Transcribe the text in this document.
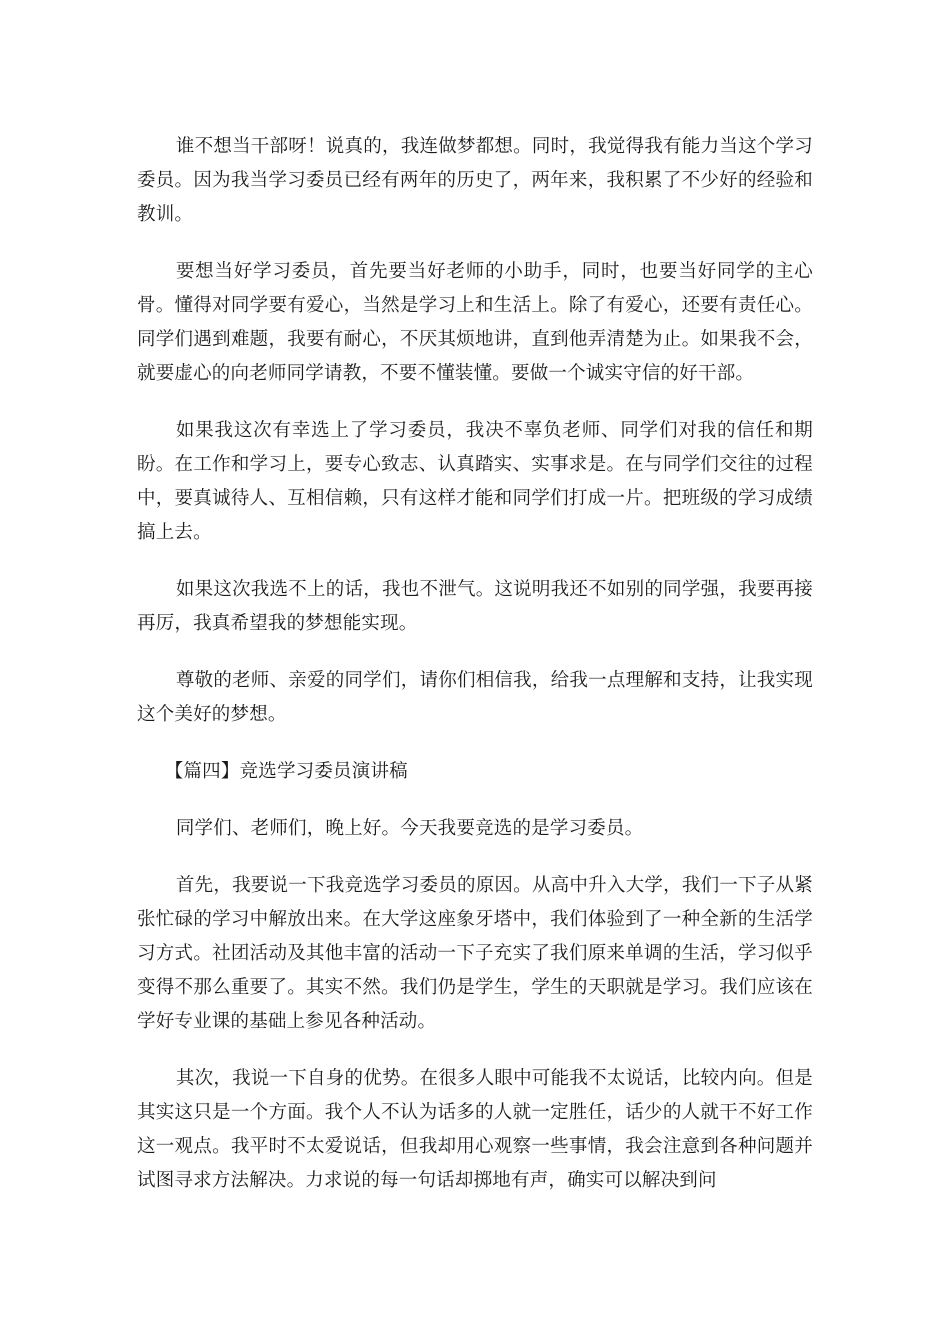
谁不想当干部呀！说真的，我连做梦都想。同时，我觉得我有能力当这个学习委员。因为我当学习委员已经有两年的历史了，两年来，我积累了不少好的经验和教训。

要想当好学习委员，首先要当好老师的小助手，同时，也要当好同学的主心骨。懂得对同学要有爱心，当然是学习上和生活上。除了有爱心，还要有责任心。同学们遇到难题，我要有耐心，不厌其烦地讲，直到他弄清楚为止。如果我不会，就要虚心的向老师同学请教，不要不懂装懂。要做一个诚实守信的好干部。

如果我这次有幸选上了学习委员，我决不辜负老师、同学们对我的信任和期盼。在工作和学习上，要专心致志、认真踏实、实事求是。在与同学们交往的过程中，要真诚待人、互相信赖，只有这样才能和同学们打成一片。把班级的学习成绩搞上去。

如果这次我选不上的话，我也不泄气。这说明我还不如别的同学强，我要再接再厉，我真希望我的梦想能实现。

尊敬的老师、亲爱的同学们，请你们相信我，给我一点理解和支持，让我实现这个美好的梦想。

【篇四】竞选学习委员演讲稿

同学们、老师们，晚上好。今天我要竞选的是学习委员。

首先，我要说一下我竞选学习委员的原因。从高中升入大学，我们一下子从紧张忙碌的学习中解放出来。在大学这座象牙塔中，我们体验到了一种全新的生活学习方式。社团活动及其他丰富的活动一下子充实了我们原来单调的生活，学习似乎变得不那么重要了。其实不然。我们仍是学生，学生的天职就是学习。我们应该在学好专业课的基础上参见各种活动。

其次，我说一下自身的优势。在很多人眼中可能我不太说话，比较内向。但是其实这只是一个方面。我个人不认为话多的人就一定胜任，话少的人就干不好工作这一观点。我平时不太爱说话，但我却用心观察一些事情，我会注意到各种问题并试图寻求方法解决。力求说的每一句话却掷地有声，确实可以解决到问
